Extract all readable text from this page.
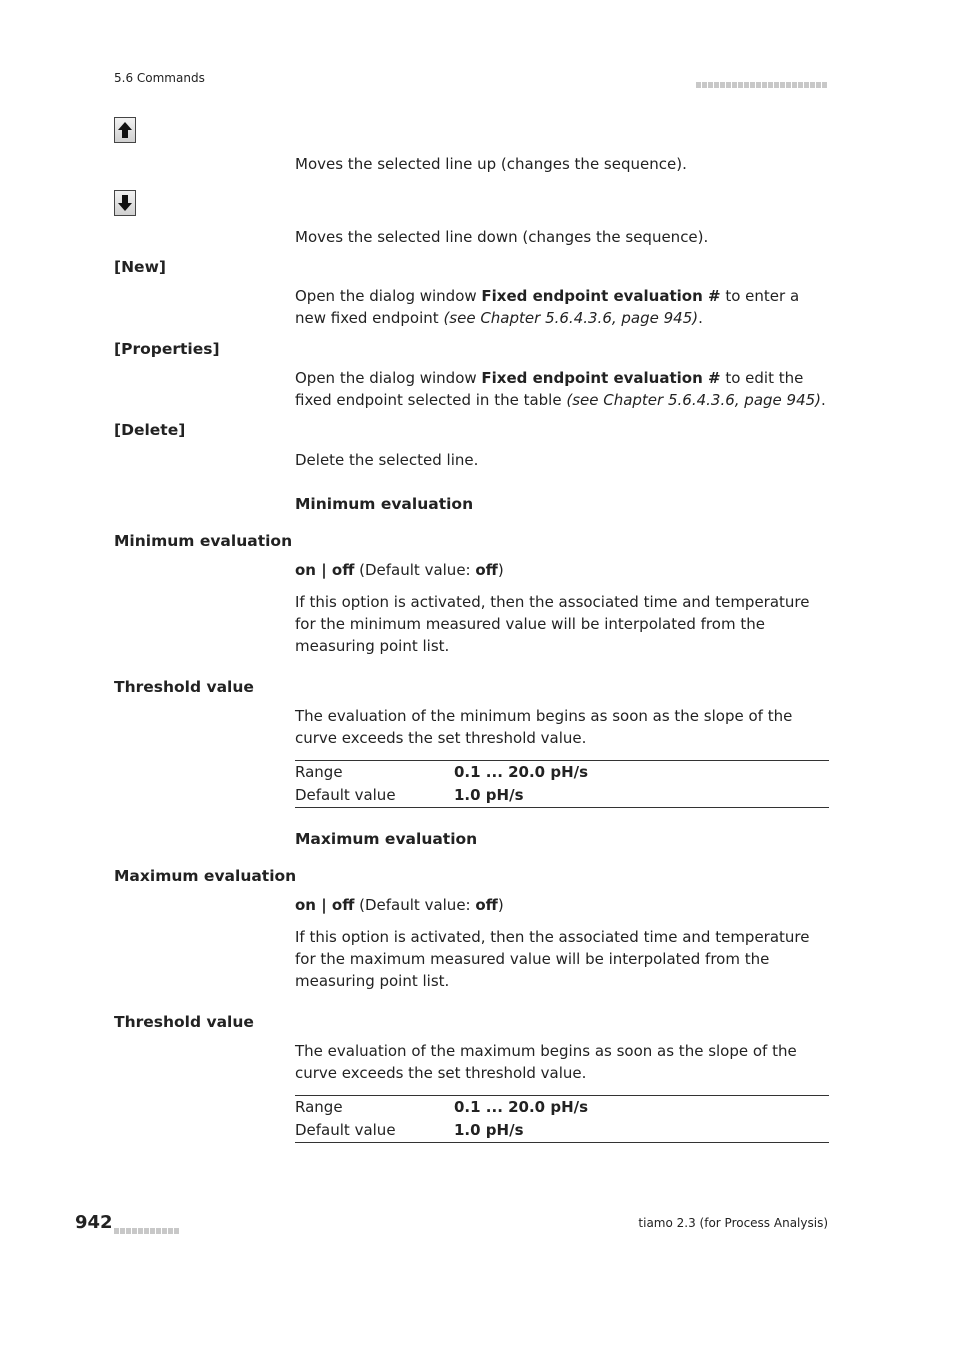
5.6 Commands
Moves the selected line up (changes the sequence).
Moves the selected line down (changes the sequence).
[New]
Open the dialog window Fixed endpoint evaluation # to enter a new fixed endpoint (see Chapter 5.6.4.3.6, page 945).
[Properties]
Open the dialog window Fixed endpoint evaluation # to edit the fixed endpoint selected in the table (see Chapter 5.6.4.3.6, page 945).
[Delete]
Delete the selected line.
Minimum evaluation
Minimum evaluation
on | off (Default value: off)
If this option is activated, then the associated time and temperature for the minimum measured value will be interpolated from the measuring point list.
Threshold value
The evaluation of the minimum begins as soon as the slope of the curve exceeds the set threshold value.
Range	0.1 ... 20.0 pH/s
Default value	1.0 pH/s
Maximum evaluation
Maximum evaluation
on | off (Default value: off)
If this option is activated, then the associated time and temperature for the maximum measured value will be interpolated from the measuring point list.
Threshold value
The evaluation of the maximum begins as soon as the slope of the curve exceeds the set threshold value.
Range	0.1 ... 20.0 pH/s
Default value	1.0 pH/s
942	tiamo 2.3 (for Process Analysis)
